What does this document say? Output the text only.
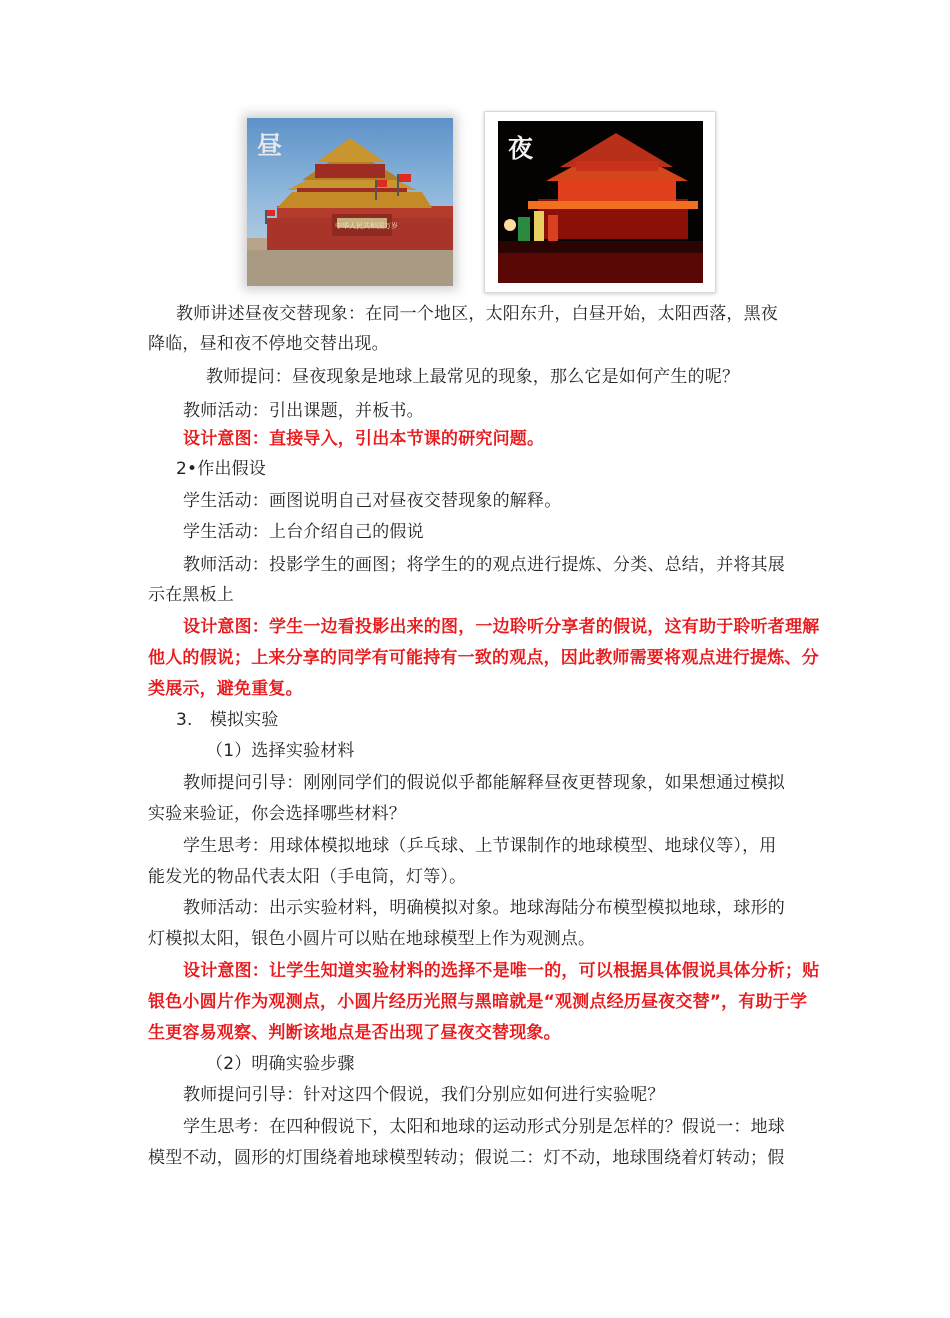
昼
中华人民共和国万岁
夜
教师讲述昼夜交替现象：在同一个地区，太阳东升，白昼开始，太阳西落，黑夜
降临，昼和夜不停地交替出现。
教师提问：昼夜现象是地球上最常见的现象，那么它是如何产生的呢？
教师活动：引出课题，并板书。
设计意图：直接导入，引出本节课的研究问题。
2•作出假设
学生活动：画图说明自己对昼夜交替现象的解释。
学生活动：上台介绍自己的假说
教师活动：投影学生的画图；将学生的的观点进行提炼、分类、总结，并将其展
示在黑板上
设计意图：学生一边看投影出来的图，一边聆听分享者的假说，这有助于聆听者理解
他人的假说；上来分享的同学有可能持有一致的观点，因此教师需要将观点进行提炼、分
类展示，避免重复。
3.　模拟实验
（1）选择实验材料
教师提问引导：刚刚同学们的假说似乎都能解释昼夜更替现象，如果想通过模拟
实验来验证，你会选择哪些材料？
学生思考：用球体模拟地球（乒乓球、上节课制作的地球模型、地球仪等），用
能发光的物品代表太阳（手电筒，灯等）。
教师活动：出示实验材料，明确模拟对象。地球海陆分布模型模拟地球，球形的
灯模拟太阳，银色小圆片可以贴在地球模型上作为观测点。
设计意图：让学生知道实验材料的选择不是唯一的，可以根据具体假说具体分析；贴
银色小圆片作为观测点，小圆片经历光照与黑暗就是“观测点经历昼夜交替”，有助于学
生更容易观察、判断该地点是否出现了昼夜交替现象。
（2）明确实验步骤
教师提问引导：针对这四个假说，我们分别应如何进行实验呢？
学生思考：在四种假说下，太阳和地球的运动形式分别是怎样的？假说一：地球
模型不动，圆形的灯围绕着地球模型转动；假说二：灯不动，地球围绕着灯转动；假
